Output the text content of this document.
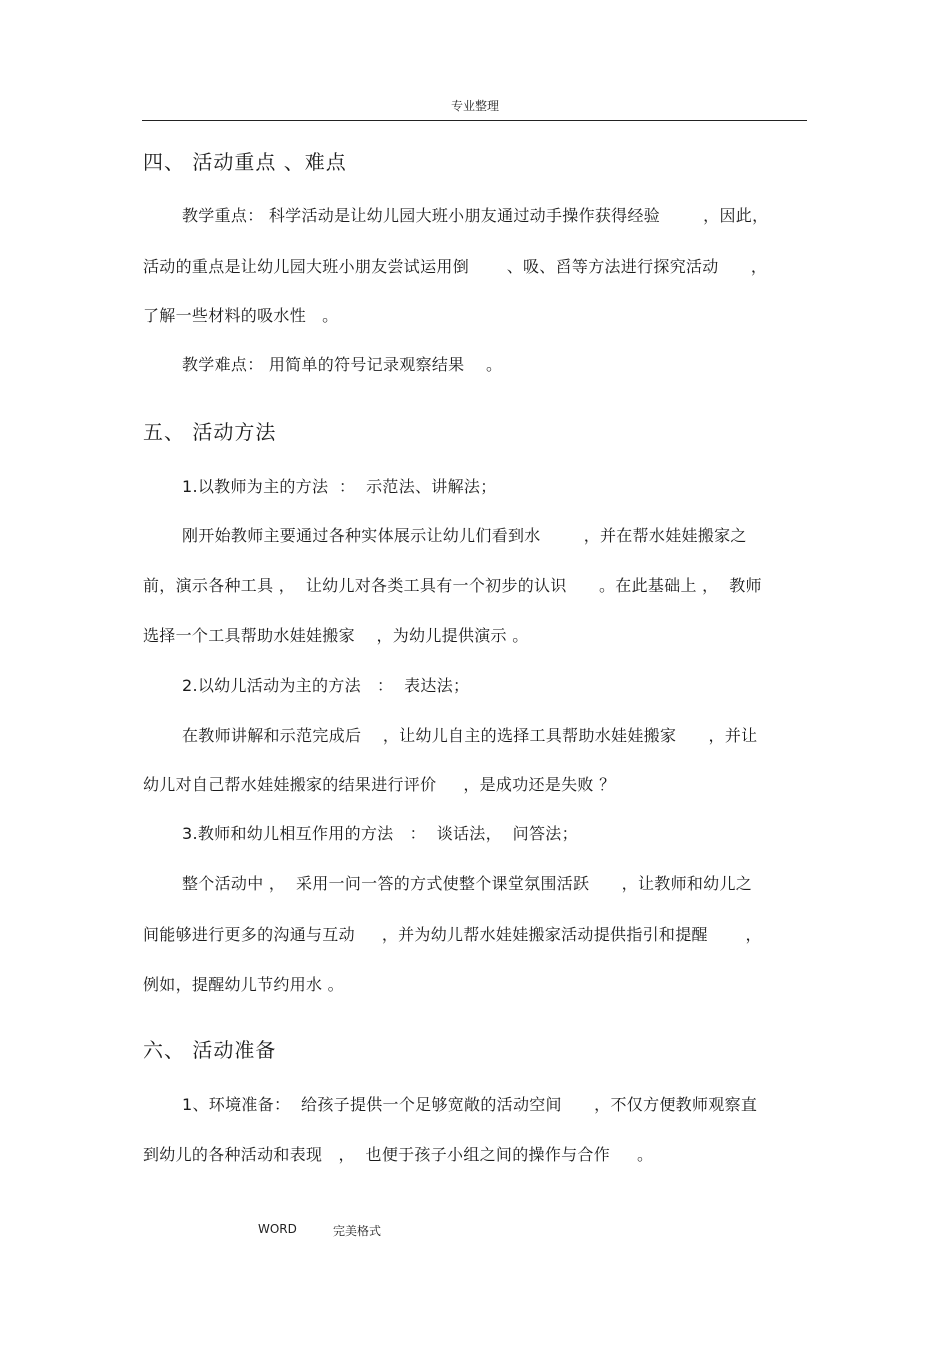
专业整理
四、 活动重点 、难点
教学重点： 科学活动是让幼儿园大班小朋友通过动手操作获得经验        ，因此，
活动的重点是让幼儿园大班小朋友尝试运用倒       、吸、舀等方法进行探究活动      ，
了解一些材料的吸水性   。
教学难点： 用简单的符号记录观察结果    。
五、 活动方法
1.以教师为主的方法  ：  示范法、讲解法；
刚开始教师主要通过各种实体展示让幼儿们看到水        ，并在帮水娃娃搬家之
前，演示各种工具 ，  让幼儿对各类工具有一个初步的认识      。在此基础上 ，  教师
选择一个工具帮助水娃娃搬家    ，为幼儿提供演示 。
2.以幼儿活动为主的方法   ：  表达法；
在教师讲解和示范完成后    ，让幼儿自主的选择工具帮助水娃娃搬家      ，并让
幼儿对自己帮水娃娃搬家的结果进行评价     ，是成功还是失败 ？
3.教师和幼儿相互作用的方法   ：  谈话法，  问答法；
整个活动中 ，  采用一问一答的方式使整个课堂氛围活跃      ，让教师和幼儿之
间能够进行更多的沟通与互动     ，并为幼儿帮水娃娃搬家活动提供指引和提醒       ，
例如，提醒幼儿节约用水 。
六、 活动准备
1、环境准备：  给孩子提供一个足够宽敞的活动空间      ，不仅方便教师观察直
到幼儿的各种活动和表现   ，  也便于孩子小组之间的操作与合作     。
WORD	完美格式
